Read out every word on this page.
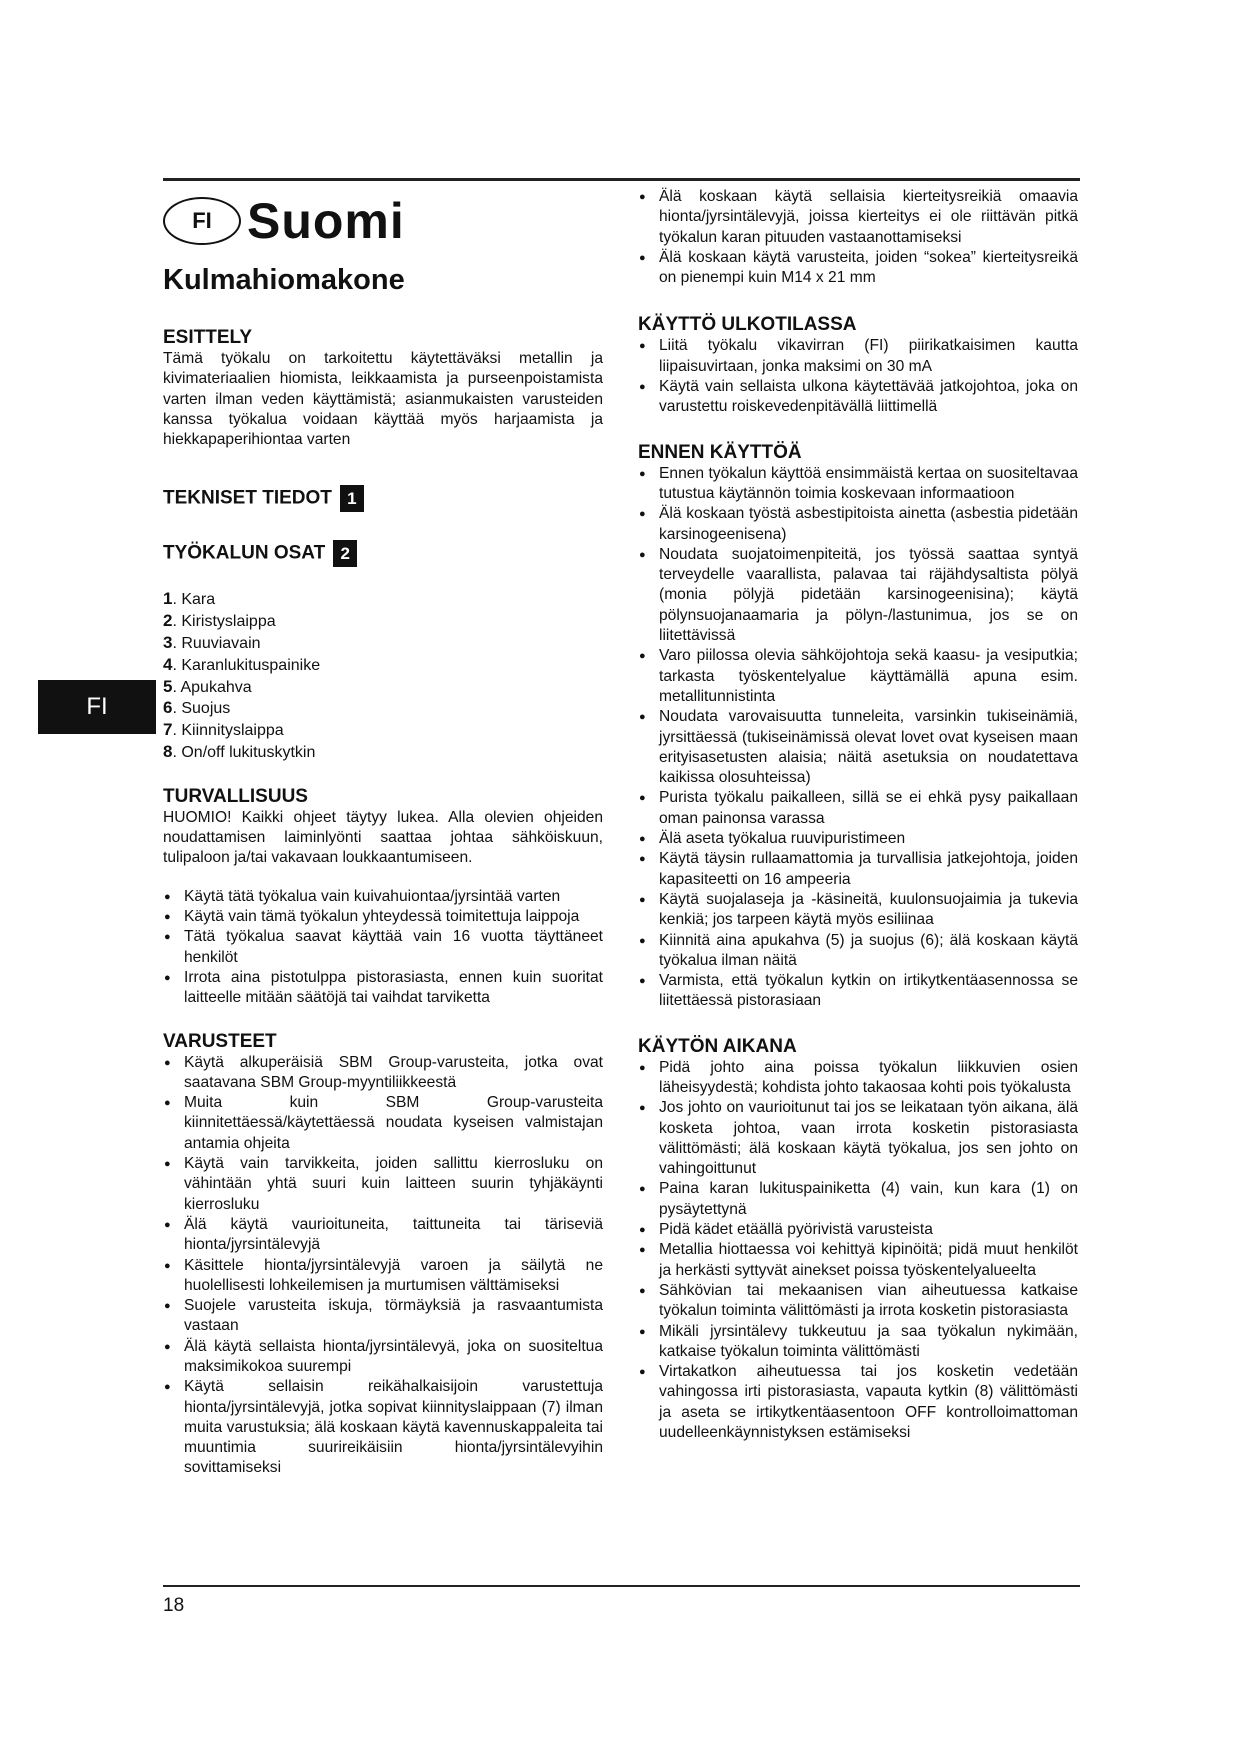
FI Suomi
Kulmahiomakone
ESITTELY

Tämä työkalu on tarkoitettu käytettäväksi metallin ja kivimateriaalien hiomista, leikkaamista ja purseenpoistamista varten ilman veden käyttämistä; asianmukaisten varusteiden kanssa työkalua voidaan käyttää myös harjaamista ja hiekkapaperihiontaa varten

TEKNISET TIEDOT 1
TYÖKALUN OSAT 2
1. Kara
2. Kiristyslaippa
3. Ruuviavain
4. Karanlukituspainike
5. Apukahva
6. Suojus
7. Kiinnityslaippa
8. On/off lukituskytkin
TURVALLISUUS

HUOMIO! Kaikki ohjeet täytyy lukea. Alla olevien ohjeiden noudattamisen laiminlyönti saattaa johtaa sähköiskuun, tulipaloon ja/tai vakavaan loukkaantumiseen.

● Käytä tätä työkalua vain kuivahuiontaa/jyrsintää varten
● Käytä vain tämä työkalun yhteydessä toimitettuja laippoja
● Tätä työkalua saavat käyttää vain 16 vuotta täyttäneet henkilöt
● Irrota aina pistotulppa pistorasiasta, ennen kuin suoritat laitteelle mitään säätöjä tai vaihdat tarviketta
VARUSTEET
● Käytä alkuperäisiä SBM Group-varusteita, jotka ovat saatavana SBM Group-myyntiliikkeestä
● Muita kuin SBM Group-varusteita kiinnitettäessä/käytettäessä noudata kyseisen valmistajan antamia ohjeita
● Käytä vain tarvikkeita, joiden sallittu kierrosluku on vähintään yhtä suuri kuin laitteen suurin tyhjäkäynti kierrosluku
● Älä käytä vaurioituneita, taittuneita tai täriseviä hionta/jyrsintälevyjä
● Käsittele hionta/jyrsintälevyjä varoen ja säilytä ne huolellisesti lohkeilemisen ja murtumisen välttämiseksi
● Suojele varusteita iskuja, törmäyksiä ja rasvaantumista vastaan
● Älä käytä sellaista hionta/jyrsintälevyä, joka on suositeltua maksimikokoa suurempi
● Käytä sellaisin reikähalkaisijoin varustettuja hionta/jyrsintälevyjä, jotka sopivat kiinnityslaippaan (7) ilman muita varustuksia; älä koskaan käytä kavennuskappaleita tai muuntimia suurireikäisiin hionta/jyrsintälevyihin sovittamiseksi
● Älä koskaan käytä sellaisia kierteitysreikiä omaavia hionta/jyrsintälevyjä, joissa kierteitys ei ole riittävän pitkä työkalun karan pituuden vastaanottamiseksi
● Älä koskaan käytä varusteita, joiden “sokea” kierteitysreikä on pienempi kuin M14 x 21 mm
KÄYTTÖ ULKOTILASSA
● Liitä työkalu vikavirran (FI) piirikatkaisimen kautta liipaisuvirtaan, jonka maksimi on 30 mA
● Käytä vain sellaista ulkona käytettävää jatkojohtoa, joka on varustettu roiskevedenpitävällä liittimellä
ENNEN KÄYTTÖÄ
● Ennen työkalun käyttöä ensimmäistä kertaa on suositeltavaa tutustua käytännön toimia koskevaan informaatioon
● Älä koskaan työstä asbestipitoista ainetta (asbestia pidetään karsinogeenisena)
● Noudata suojatoimenpiteitä, jos työssä saattaa syntyä terveydelle vaarallista, palavaa tai räjähdysaltista pölyä (monia pölyjä pidetään karsinogeenisina); käytä pölynsuojanaamaria ja pölyn-/lastunimua, jos se on liitettävissä
● Varo piilossa olevia sähköjohtoja sekä kaasu- ja vesiputkia; tarkasta työskentelyalue käyttämällä apuna esim. metallitunnistinta
● Noudata varovaisuutta tunneleita, varsinkin tukiseinämiä, jyrsittäessä (tukiseinämissä olevat lovet ovat kyseisen maan erityisasetusten alaisia; näitä asetuksia on noudatettava kaikissa olosuhteissa)
● Purista työkalu paikalleen, sillä se ei ehkä pysy paikallaan oman painonsa varassa
● Älä aseta työkalua ruuvipuristimeen
● Käytä täysin rullaamattomia ja turvallisia jatkejohtoja, joiden kapasiteetti on 16 ampeeria
● Käytä suojalaseja ja -käsineitä, kuulonsuojaimia ja tukevia kenkiä; jos tarpeen käytä myös esiliinaa
● Kiinnitä aina apukahva (5) ja suojus (6); älä koskaan käytä työkalua ilman näitä
● Varmista, että työkalun kytkin on irtikytkentäasennossa se liitettäessä pistorasiaan
KÄYTÖN AIKANA
● Pidä johto aina poissa työkalun liikkuvien osien läheisyydestä; kohdista johto takaosaa kohti pois työkalusta
● Jos johto on vaurioitunut tai jos se leikataan työn aikana, älä kosketa johtoa, vaan irrota kosketin pistorasiasta välittömästi; älä koskaan käytä työkalua, jos sen johto on vahingoittunut
● Paina karan lukituspainiketta (4) vain, kun kara (1) on pysäytettynä
● Pidä kädet etäällä pyörivistä varusteista
● Metallia hiottaessa voi kehittyä kipinöitä; pidä muut henkilöt ja herkästi syttyvät ainekset poissa työskentelyalueelta
● Sähkövian tai mekaanisen vian aiheutuessa katkaise työkalun toiminta välittömästi ja irrota kosketin pistorasiasta
● Mikäli jyrsintälevy tukkeutuu ja saa työkalun nykimään, katkaise työkalun toiminta välittömästi
● Virtakatkon aiheutuessa tai jos kosketin vedetään vahingossa irti pistorasiasta, vapauta kytkin (8) välittömästi ja aseta se irtikytkentäasentoon OFF kontrolloimattoman uudelleenkäynnistyksen estämiseksi
FI
18
